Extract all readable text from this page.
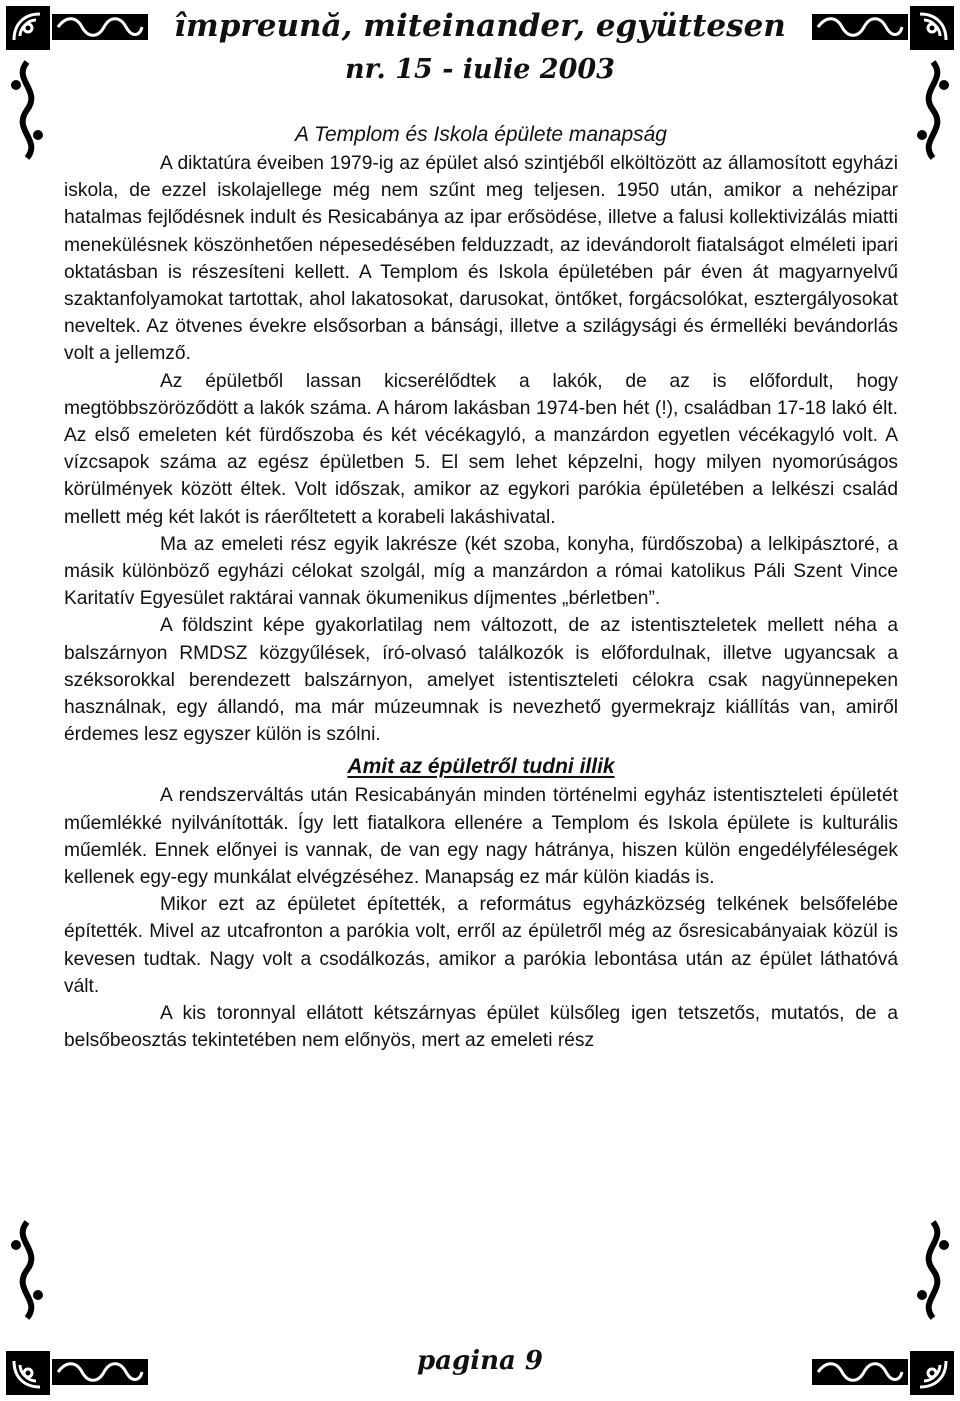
împreună, miteinander, együttesen
nr. 15 - iulie 2003
A Templom és Iskola épülete manapság

A diktatúra éveiben 1979-ig az épület alsó szintjéből elköltözött az államosított egyházi iskola, de ezzel iskolajellege még nem szűnt meg teljesen. 1950 után, amikor a nehézipar hatalmas fejlődésnek indult és Resicabánya az ipar erősödése, illetve a falusi kollektivizálás miatti menekülésnek köszönhetően népesedésében felduzzadt, az idevándorolt fiatalságot elméleti ipari oktatásban is részesíteni kellett. A Templom és Iskola épületében pár éven át magyarnyelvű szaktanfolyamokat tartottak, ahol lakatosokat, darusokat, öntőket, forgácsolókat, esztergályosokat neveltek. Az ötvenes évekre elsősorban a bánsági, illetve a szilágysági és érmelléki bevándorlás volt a jellemző.

Az épületből lassan kicserélődtek a lakók, de az is előfordult, hogy megtöbbszöröződött a lakók száma. A három lakásban 1974-ben hét (!), családban 17-18 lakó élt. Az első emeleten két fürdőszoba és két vécékagyló, a manzárdon egyetlen vécékagyló volt. A vízcsapok száma az egész épületben 5. El sem lehet képzelni, hogy milyen nyomorúságos körülmények között éltek. Volt időszak, amikor az egykori parókia épületében a lelkészi család mellett még két lakót is ráerőltetett a korabeli lakáshivatal.

Ma az emeleti rész egyik lakrésze (két szoba, konyha, fürdőszoba) a lelkipásztoré, a másik különböző egyházi célokat szolgál, míg a manzárdon a római katolikus Páli Szent Vince Karitatív Egyesület raktárai vannak ökumenikus díjmentes „bérletben”.

A földszint képe gyakorlatilag nem változott, de az istentiszteletek mellett néha a balszárnyon RMDSZ közgyűlések, író-olvasó találkozók is előfordulnak, illetve ugyancsak a széksorokkal berendezett balszárnyon, amelyet istentiszteleti célokra csak nagyünnepeken használnak, egy állandó, ma már múzeumnak is nevezhető gyermekrajz kiállítás van, amiről érdemes lesz egyszer külön is szólni.

Amit az épületről tudni illik

A rendszerváltás után Resicabányán minden történelmi egyház istentiszteleti épületét műemlékké nyilvánították. Így lett fiatalkora ellenére a Templom és Iskola épülete is kulturális műemlék. Ennek előnyei is vannak, de van egy nagy hátránya, hiszen külön engedélyféleségek kellenek egy-egy munkálat elvégzéséhez. Manapság ez már külön kiadás is.

Mikor ezt az épületet építették, a református egyházközség telkének belsőfelébe építették. Mivel az utcafronton a parókia volt, erről az épületről még az ősresicabányaiak közül is kevesen tudtak. Nagy volt a csodálkozás, amikor a parókia lebontása után az épület láthatóvá vált.

A kis toronnyal ellátott kétszárnyas épület külsőleg igen tetszetős, mutatós, de a belsőbeosztás tekintetében nem előnyös, mert az emeleti rész

pagina 9
